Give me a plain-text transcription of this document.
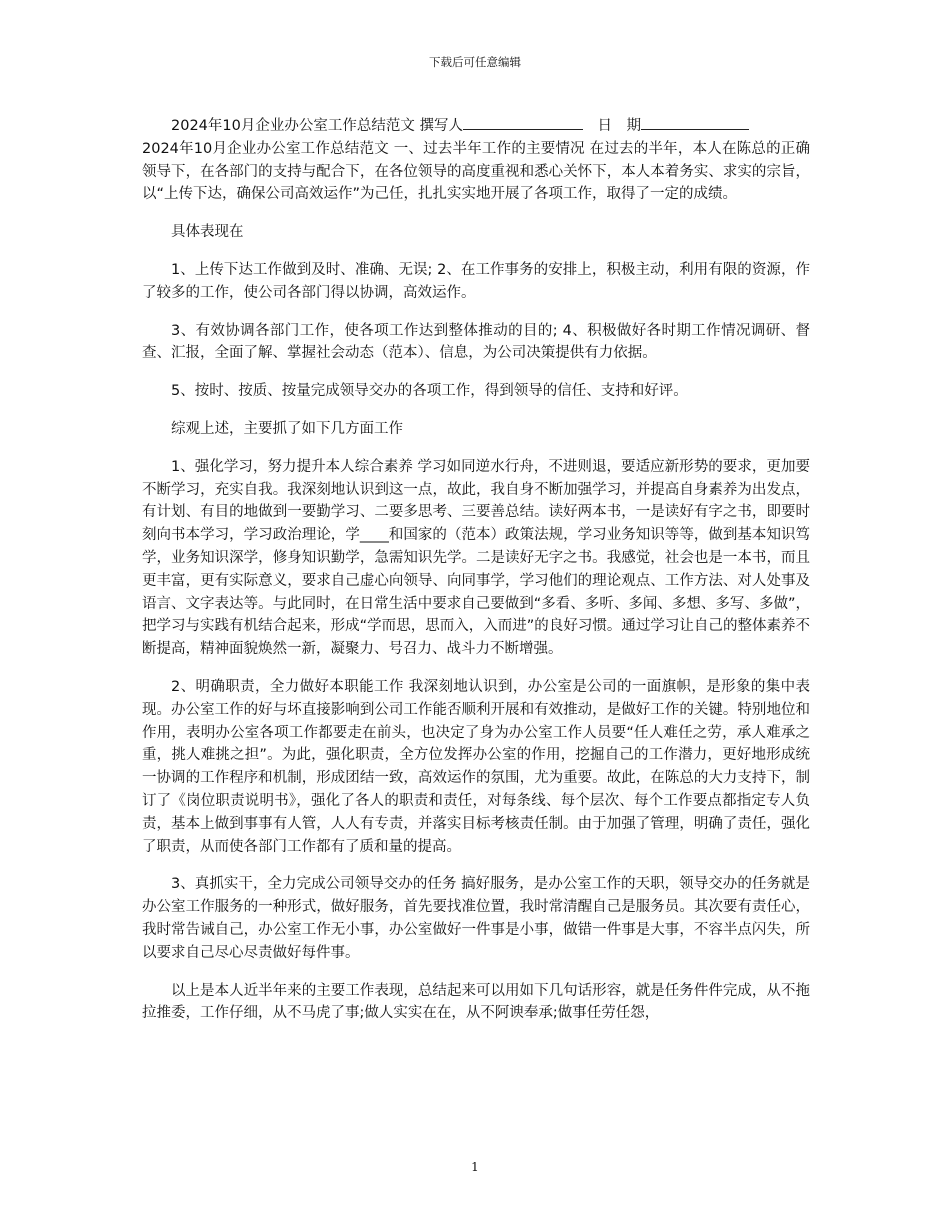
下载后可任意编辑

2024年10月企业办公室工作总结范文 撰写人　	日　期

2024年10月企业办公室工作总结范文 一、过去半年工作的主要情况 在过去的半年，本人在陈总的正确领导下，在各部门的支持与配合下，在各位领导的高度重视和悉心关怀下，本人本着务实、求实的宗旨，以“上传下达，确保公司高效运作”为己任，扎扎实实地开展了各项工作，取得了一定的成绩。

具体表现在

1、上传下达工作做到及时、准确、无误; 2、在工作事务的安排上，积极主动，利用有限的资源，作了较多的工作，使公司各部门得以协调，高效运作。

3、有效协调各部门工作，使各项工作达到整体推动的目的; 4、积极做好各时期工作情况调研、督查、汇报，全面了解、掌握社会动态（范本）、信息，为公司决策提供有力依据。

5、按时、按质、按量完成领导交办的各项工作，得到领导的信任、支持和好评。

综观上述，主要抓了如下几方面工作

1、强化学习，努力提升本人综合素养 学习如同逆水行舟，不进则退，要适应新形势的要求，更加要不断学习，充实自我。我深刻地认识到这一点，故此，我自身不断加强学习，并提高自身素养为出发点，有计划、有目的地做到一要勤学习、二要多思考、三要善总结。读好两本书，一是读好有字之书，即要时刻向书本学习，学习政治理论，学____和国家的（范本）政策法规，学习业务知识等等，做到基本知识笃学，业务知识深学，修身知识勤学，急需知识先学。二是读好无字之书。我感觉，社会也是一本书，而且更丰富，更有实际意义，要求自己虚心向领导、向同事学，学习他们的理论观点、工作方法、对人处事及语言、文字表达等。与此同时，在日常生活中要求自己要做到“多看、多听、多闻、多想、多写、多做”，把学习与实践有机结合起来，形成“学而思，思而入，入而进”的良好习惯。通过学习让自己的整体素养不断提高，精神面貌焕然一新，凝聚力、号召力、战斗力不断增强。

2、明确职责，全力做好本职能工作 我深刻地认识到，办公室是公司的一面旗帜，是形象的集中表现。办公室工作的好与坏直接影响到公司工作能否顺利开展和有效推动，是做好工作的关键。特别地位和作用，表明办公室各项工作都要走在前头，也决定了身为办公室工作人员要“任人难任之劳，承人难承之重，挑人难挑之担”。为此，强化职责，全方位发挥办公室的作用，挖掘自己的工作潜力，更好地形成统一协调的工作程序和机制，形成团结一致，高效运作的氛围，尤为重要。故此，在陈总的大力支持下，制订了《岗位职责说明书》，强化了各人的职责和责任，对每条线、每个层次、每个工作要点都指定专人负责，基本上做到事事有人管，人人有专责，并落实目标考核责任制。由于加强了管理，明确了责任，强化了职责，从而使各部门工作都有了质和量的提高。

3、真抓实干，全力完成公司领导交办的任务 搞好服务，是办公室工作的天职，领导交办的任务就是办公室工作服务的一种形式，做好服务，首先要找准位置，我时常清醒自己是服务员。其次要有责任心，我时常告诫自己，办公室工作无小事，办公室做好一件事是小事，做错一件事是大事，不容半点闪失，所以要求自己尽心尽责做好每件事。

以上是本人近半年来的主要工作表现，总结起来可以用如下几句话形容，就是任务件件完成，从不拖拉推委，工作仔细，从不马虎了事;做人实实在在，从不阿谀奉承;做事任劳任怨，

1
